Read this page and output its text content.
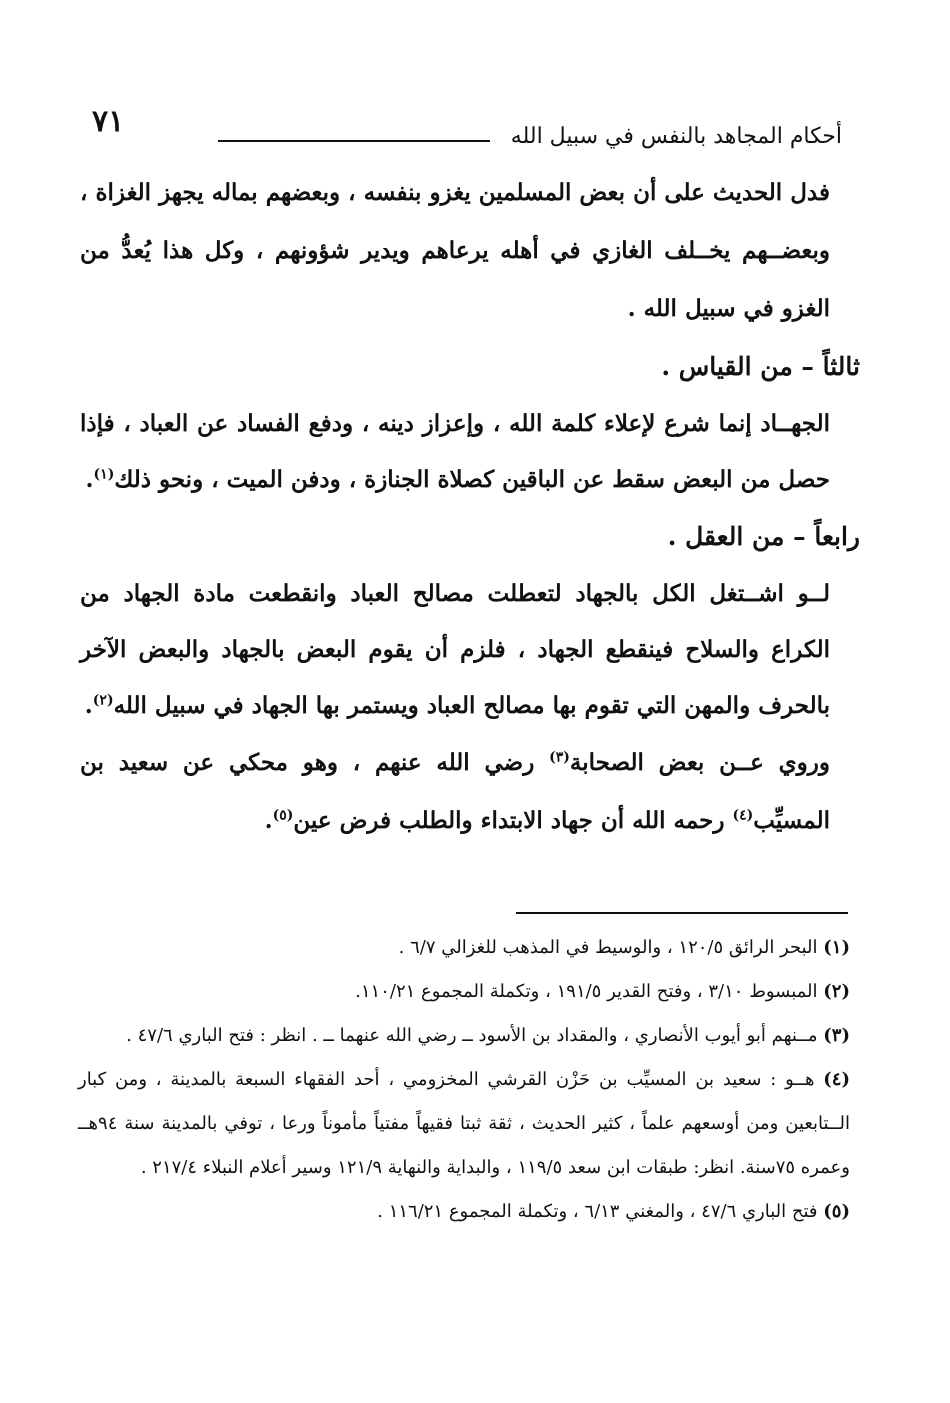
٧١	أحكام المجاهد بالنفس في سبيل الله

فدل الحديث على أن بعض المسلمين يغزو بنفسه ، وبعضهم بماله يجهز الغزاة ، وبعضــهم يخــلف الغازي في أهله يرعاهم ويدير شؤونهم ، وكل هذا يُعدُّ من الغزو في سبيل الله .

ثالثاً – من القياس .

الجهــاد إنما شرع لإعلاء كلمة الله ، وإعزاز دينه ، ودفع الفساد عن العباد ، فإذا حصل من البعض سقط عن الباقين كصلاة الجنازة ، ودفن الميت ، ونحو ذلك$^{(١)}$.

رابعاً – من العقل .

لــو اشــتغل الكل بالجهاد لتعطلت مصالح العباد وانقطعت مادة الجهاد من الكراع والسلاح فينقطع الجهاد ، فلزم أن يقوم البعض بالجهاد والبعض الآخر بالحرف والمهن التي تقوم بها مصالح العباد ويستمر بها الجهاد في سبيل الله$^{(٢)}$.

وروي عــن بعض الصحابة$^{(٣)}$ رضي الله عنهم ، وهو محكي عن سعيد بن المسيِّب$^{(٤)}$ رحمه الله أن جهاد الابتداء والطلب فرض عين$^{(٥)}$.

(١) البحر الرائق ١٢٠/٥ ، والوسيط في المذهب للغزالي ٦/٧ .

(٢) المبسوط ٣/١٠ ، وفتح القدير ١٩١/٥ ، وتكملة المجموع ١١٠/٢١.

(٣) مــنهم أبو أيوب الأنصاري ، والمقداد بن الأسود ــ رضي الله عنهما ــ . انظر : فتح الباري ٤٧/٦ .

(٤) هــو : سعيد بن المسيِّب بن حَزْن القرشي المخزومي ، أحد الفقهاء السبعة بالمدينة ، ومن كبار الــتابعين ومن أوسعهم علماً ، كثير الحديث ، ثقة ثبتا فقيهاً مفتياً مأموناً ورعا ، توفي بالمدينة سنة ٩٤هــ وعمره ٧٥سنة. انظر: طبقات ابن سعد ١١٩/٥ ، والبداية والنهاية ١٢١/٩ وسير أعلام النبلاء ٢١٧/٤ .

(٥) فتح الباري ٤٧/٦ ، والمغني ٦/١٣ ، وتكملة المجموع ١١٦/٢١ .
